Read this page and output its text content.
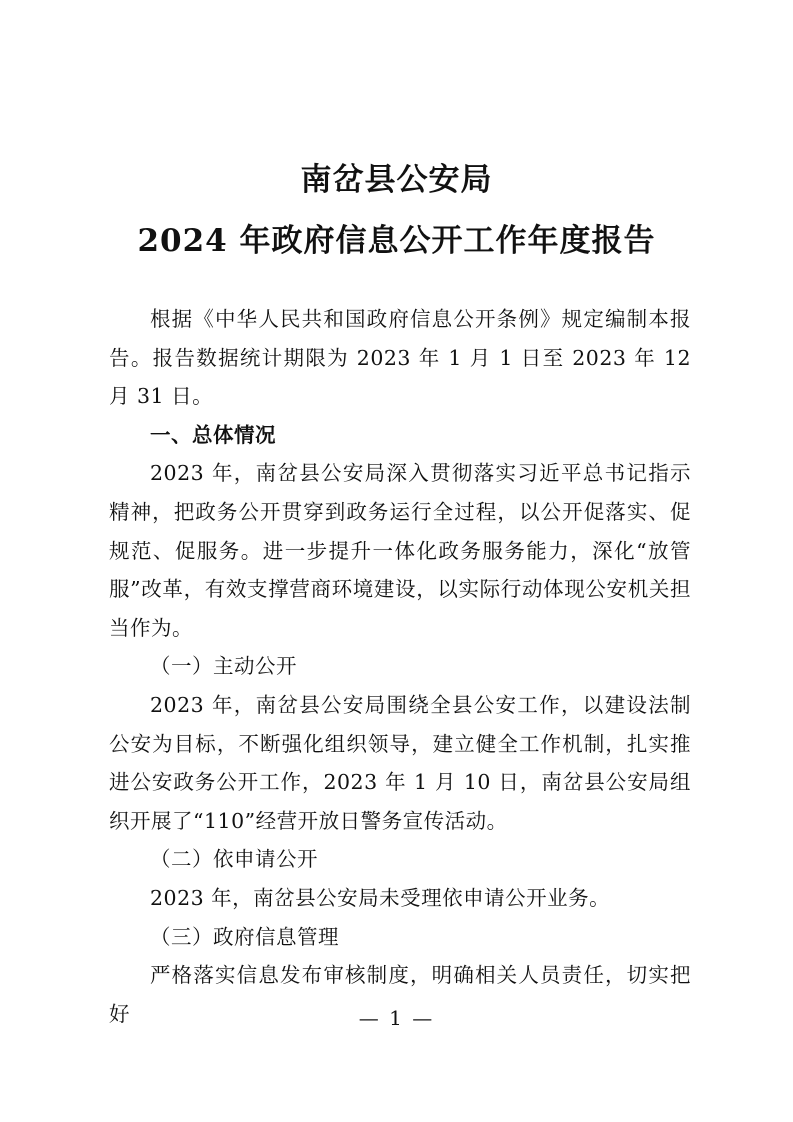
南岔县公安局
2024 年政府信息公开工作年度报告

根据《中华人民共和国政府信息公开条例》规定编制本报告。报告数据统计期限为 2023 年 1 月 1 日至 2023 年 12 月 31 日。

一、总体情况

2023 年，南岔县公安局深入贯彻落实习近平总书记指示精神，把政务公开贯穿到政务运行全过程，以公开促落实、促规范、促服务。进一步提升一体化政务服务能力，深化“放管服”改革，有效支撑营商环境建设，以实际行动体现公安机关担当作为。

（一）主动公开

2023 年，南岔县公安局围绕全县公安工作，以建设法制公安为目标，不断强化组织领导，建立健全工作机制，扎实推进公安政务公开工作，2023 年 1 月 10 日，南岔县公安局组织开展了“110”经营开放日警务宣传活动。

（二）依申请公开

2023 年，南岔县公安局未受理依申请公开业务。

（三）政府信息管理

严格落实信息发布审核制度，明确相关人员责任，切实把好	— 1 —
